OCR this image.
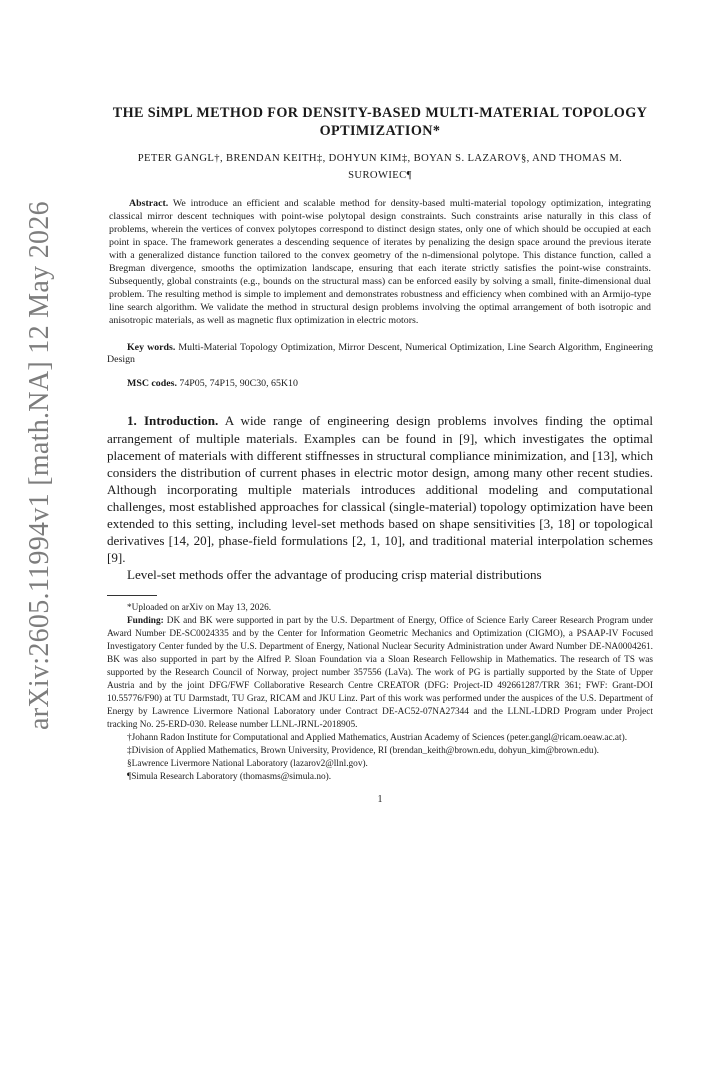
arXiv:2605.11994v1 [math.NA] 12 May 2026
THE SiMPL METHOD FOR DENSITY-BASED MULTI-MATERIAL TOPOLOGY OPTIMIZATION*
PETER GANGL†, BRENDAN KEITH‡, DOHYUN KIM‡, BOYAN S. LAZAROV§, AND THOMAS M. SUROWIEC¶
Abstract. We introduce an efficient and scalable method for density-based multi-material topology optimization, integrating classical mirror descent techniques with point-wise polytopal design constraints. Such constraints arise naturally in this class of problems, wherein the vertices of convex polytopes correspond to distinct design states, only one of which should be occupied at each point in space. The framework generates a descending sequence of iterates by penalizing the design space around the previous iterate with a generalized distance function tailored to the convex geometry of the n-dimensional polytope. This distance function, called a Bregman divergence, smooths the optimization landscape, ensuring that each iterate strictly satisfies the point-wise constraints. Subsequently, global constraints (e.g., bounds on the structural mass) can be enforced easily by solving a small, finite-dimensional dual problem. The resulting method is simple to implement and demonstrates robustness and efficiency when combined with an Armijo-type line search algorithm. We validate the method in structural design problems involving the optimal arrangement of both isotropic and anisotropic materials, as well as magnetic flux optimization in electric motors.
Key words. Multi-Material Topology Optimization, Mirror Descent, Numerical Optimization, Line Search Algorithm, Engineering Design
MSC codes. 74P05, 74P15, 90C30, 65K10

1. Introduction. A wide range of engineering design problems involves finding the optimal arrangement of multiple materials. Examples can be found in [9], which investigates the optimal placement of materials with different stiffnesses in structural compliance minimization, and [13], which considers the distribution of current phases in electric motor design, among many other recent studies. Although incorporating multiple materials introduces additional modeling and computational challenges, most established approaches for classical (single-material) topology optimization have been extended to this setting, including level-set methods based on shape sensitivities [3, 18] or topological derivatives [14, 20], phase-field formulations [2, 1, 10], and traditional material interpolation schemes [9].

Level-set methods offer the advantage of producing crisp material distributions

*Uploaded on arXiv on May 13, 2026.

Funding: DK and BK were supported in part by the U.S. Department of Energy, Office of Science Early Career Research Program under Award Number DE-SC0024335 and by the Center for Information Geometric Mechanics and Optimization (CIGMO), a PSAAP-IV Focused Investigatory Center funded by the U.S. Department of Energy, National Nuclear Security Administration under Award Number DE-NA0004261. BK was also supported in part by the Alfred P. Sloan Foundation via a Sloan Research Fellowship in Mathematics. The research of TS was supported by the Research Council of Norway, project number 357556 (LaVa). The work of PG is partially supported by the State of Upper Austria and by the joint DFG/FWF Collaborative Research Centre CREATOR (DFG: Project-ID 492661287/TRR 361; FWF: Grant-DOI 10.55776/F90) at TU Darmstadt, TU Graz, RICAM and JKU Linz. Part of this work was performed under the auspices of the U.S. Department of Energy by Lawrence Livermore National Laboratory under Contract DE-AC52-07NA27344 and the LLNL-LDRD Program under Project tracking No. 25-ERD-030. Release number LLNL-JRNL-2018905.

†Johann Radon Institute for Computational and Applied Mathematics, Austrian Academy of Sciences (peter.gangl@ricam.oeaw.ac.at).

‡Division of Applied Mathematics, Brown University, Providence, RI (brendan_keith@brown.edu, dohyun_kim@brown.edu).

§Lawrence Livermore National Laboratory (lazarov2@llnl.gov).

¶Simula Research Laboratory (thomasms@simula.no).

1
